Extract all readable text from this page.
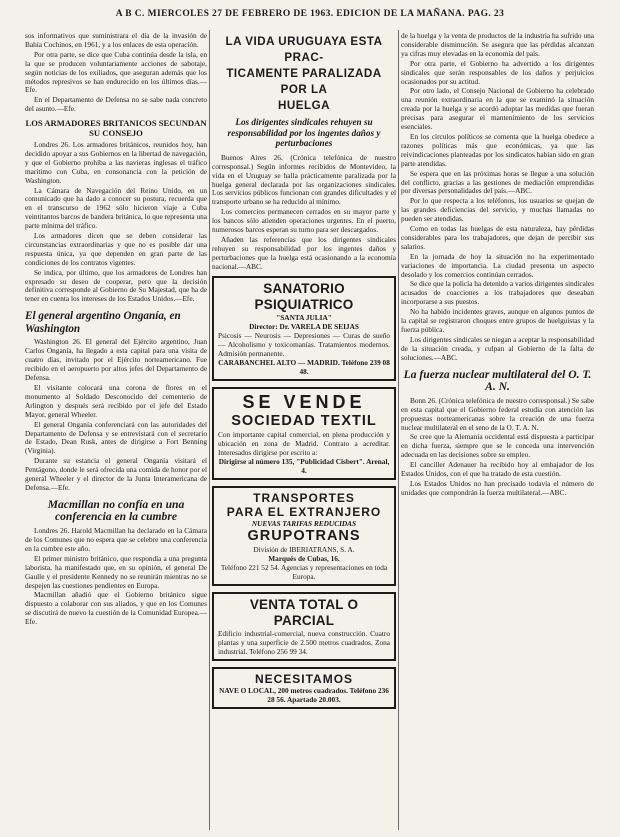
A B C. MIERCOLES 27 DE FEBRERO DE 1963. EDICION DE LA MAÑANA. PAG. 23

sos informativos que suministrara el día de la invasión de Bahía Cochinos, en 1961, y a los enlaces de esta operación.

Por otra parte, se dice que Cuba continúa desde la isla, en la que se producen voluntariamente acciones de sabotaje, según noticias de los exiliados, que aseguran además que los métodos represivos se han endurecido en los últimos días.—Efe.

En el Departamento de Defensa no se sabe nada concreto del asunto.—Efe.

LOS ARMADORES BRITANICOS SECUNDAN SU CONSEJO

Londres 26. Los armadores británicos, reunidos hoy, han decidido apoyar a sus Gobiernos en la libertad de navegación, y que el Gobierno prohíba a las navieras inglesas el tráfico marítimo con Cuba, en consonancia con la petición de Washington.

La Cámara de Navegación del Reino Unido, en un comunicado que ha dado a conocer su postura, recuerda que en el transcurso de 1962 sólo hicieron viaje a Cuba veintitantos barcos de bandera británica, lo que representa una parte mínima del tráfico.

Los armadores dicen que se deben considerar las circunstancias extraordinarias y que no es posible dar una respuesta única, ya que dependen en gran parte de las condiciones de los contratos vigentes.

Se indica, por último, que los armadores de Londres han expresado su deseo de cooperar, pero que la decisión definitiva corresponde al Gobierno de Su Majestad, que ha de tener en cuenta los intereses de los Estados Unidos.—Efe.

El general argentino Onganía, en Washington

Washington 26. El general del Ejército argentino, Juan Carlos Onganía, ha llegado a esta capital para una visita de cuatro días, invitado por el Ejército norteamericano. Fue recibido en el aeropuerto por altos jefes del Departamento de Defensa.

El visitante colocará una corona de flores en el monumento al Soldado Desconocido del cementerio de Arlington y después será recibido por el jefe del Estado Mayor, general Wheeler.

El general Onganía conferenciará con las autoridades del Departamento de Defensa y se entrevistará con el secretario de Estado, Dean Rusk, antes de dirigirse a Fort Benning (Virginia).

Durante su estancia el general Onganía visitará el Pentágono, donde le será ofrecida una comida de honor por el general Wheeler y el director de la Junta Interamericana de Defensa.—Efe.

Macmillan no confía en una conferencia en la cumbre

Londres 26. Harold Macmillan ha declarado en la Cámara de los Comunes que no espera que se celebre una conferencia en la cumbre este año.

El primer ministro británico, que respondía a una pregunta laborista, ha manifestado que, en su opinión, el general De Gaulle y el presidente Kennedy no se reunirán mientras no se despejen las cuestiones pendientes en Europa.

Macmillan añadió que el Gobierno británico sigue dispuesto a colaborar con sus aliados, y que en los Comunes se discutirá de nuevo la cuestión de la Comunidad Europea.—Efe.

LA VIDA URUGUAYA ESTA PRAC-
TICAMENTE PARALIZADA POR LA
HUELGA
Los dirigentes sindicales rehuyen su responsabilidad por los ingentes daños y perturbaciones

Buenos Aires 26. (Crónica telefónica de nuestro corresponsal.) Según informes recibidos de Montevideo, la vida en el Uruguay se halla prácticamente paralizada por la huelga general declarada por las organizaciones sindicales. Los servicios públicos funcionan con grandes dificultades y el transporte urbano se ha reducido al mínimo.

Los comercios permanecen cerrados en su mayor parte y los bancos sólo atienden operaciones urgentes. En el puerto, numerosos barcos esperan su turno para ser descargados.

Añaden las referencias que los dirigentes sindicales rehuyen su responsabilidad por los ingentes daños y perturbaciones que la huelga está ocasionando a la economía nacional.—ABC.

SANATORIO PSIQUIATRICO
"SANTA JULIA"
Director: Dr. VARELA DE SEIJAS
Psicosis — Neurosis — Depresiones — Curas de sueño — Alcoholismo y toxicomanías. Tratamientos modernos. Admisión permanente.
CARABANCHEL ALTO — MADRID. Teléfono 239 08 48.
SE VENDE
SOCIEDAD TEXTIL
Con importante capital comercial, en plena producción y ubicación en zona de Madrid. Contrato a acreditar. Interesados dirigirse por escrito a:
Dirigirse al número 135, "Publicidad Cisbert". Arenal, 4.
TRANSPORTES
PARA EL EXTRANJERO
NUEVAS TARIFAS REDUCIDAS
GRUPOTRANS
División de IBERIATRANS, S. A.
Marqués de Cubas, 16.
Teléfono 221 52 54. Agencias y representaciones en toda Europa.
VENTA TOTAL O PARCIAL
Edificio industrial-comercial, nueva construcción. Cuatro plantas y una superficie de 2.500 metros cuadrados. Zona industrial. Teléfono 256 99 34.
NECESITAMOS
NAVE O LOCAL, 200 metros cuadrados. Teléfono 236 28 56. Apartado 20.003.

de la huelga y la venta de productos de la industria ha sufrido una considerable disminución. Se asegura que las pérdidas alcanzan ya cifras muy elevadas en la economía del país.

Por otra parte, el Gobierno ha advertido a los dirigentes sindicales que serán responsables de los daños y perjuicios ocasionados por su actitud.

Por otro lado, el Consejo Nacional de Gobierno ha celebrado una reunión extraordinaria en la que se examinó la situación creada por la huelga y se acordó adoptar las medidas que fueran precisas para asegurar el mantenimiento de los servicios esenciales.

En los círculos políticos se comenta que la huelga obedece a razones políticas más que económicas, ya que las reivindicaciones planteadas por los sindicatos habían sido en gran parte atendidas.

Se espera que en las próximas horas se llegue a una solución del conflicto, gracias a las gestiones de mediación emprendidas por diversas personalidades del país.—ABC.

Por lo que respecta a los teléfonos, los usuarios se quejan de las grandes deficiencias del servicio, y muchas llamadas no pueden ser atendidas.

Como en todas las huelgas de esta naturaleza, hay pérdidas considerables para los trabajadores, que dejan de percibir sus salarios.

En la jornada de hoy la situación no ha experimentado variaciones de importancia. La ciudad presenta un aspecto desolado y los comercios continúan cerrados.

Se dice que la policía ha detenido a varios dirigentes sindicales acusados de coacciones a los trabajadores que deseaban incorporarse a sus puestos.

No ha habido incidentes graves, aunque en algunos puntos de la capital se registraron choques entre grupos de huelguistas y la fuerza pública.

Los dirigentes sindicales se niegan a aceptar la responsabilidad de la situación creada, y culpan al Gobierno de la falta de soluciones.—ABC.

La fuerza nuclear multilateral del O. T. A. N.

Bonn 26. (Crónica telefónica de nuestro corresponsal.) Se sabe en esta capital que el Gobierno federal estudia con atención las propuestas norteamericanas sobre la creación de una fuerza nuclear multilateral en el seno de la O. T. A. N.

Se cree que la Alemania occidental está dispuesta a participar en dicha fuerza, siempre que se le conceda una intervención adecuada en las decisiones sobre su empleo.

El canciller Adenauer ha recibido hoy al embajador de los Estados Unidos, con el que ha tratado de esta cuestión.

Los Estados Unidos no han precisado todavía el número de unidades que compondrán la fuerza multilateral.—ABC.
